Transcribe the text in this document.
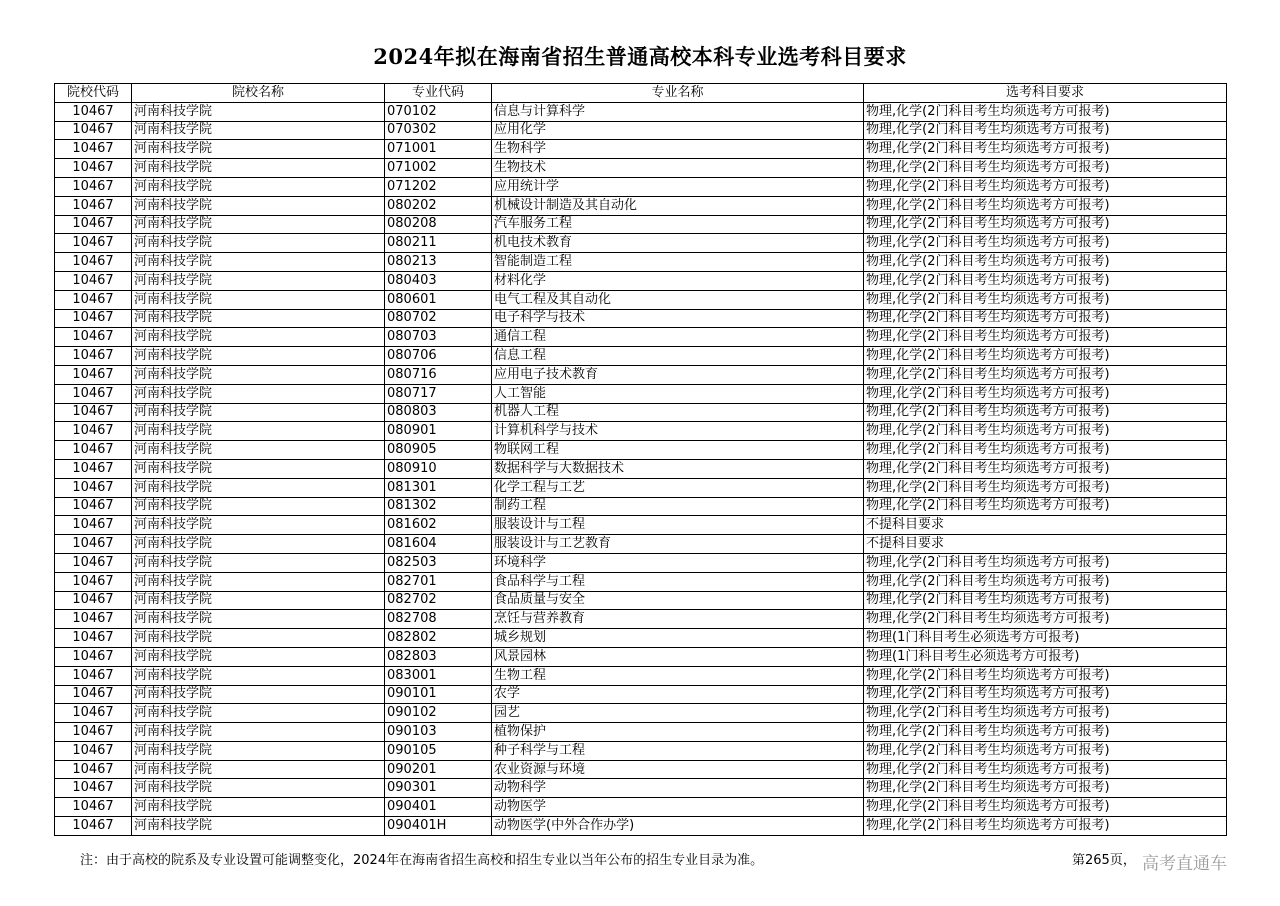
2024年拟在海南省招生普通高校本科专业选考科目要求
院校代码	院校名称	专业代码	专业名称	选考科目要求
10467	河南科技学院	070102	信息与计算科学	物理,化学(2门科目考生均须选考方可报考)
10467	河南科技学院	070302	应用化学	物理,化学(2门科目考生均须选考方可报考)
10467	河南科技学院	071001	生物科学	物理,化学(2门科目考生均须选考方可报考)
10467	河南科技学院	071002	生物技术	物理,化学(2门科目考生均须选考方可报考)
10467	河南科技学院	071202	应用统计学	物理,化学(2门科目考生均须选考方可报考)
10467	河南科技学院	080202	机械设计制造及其自动化	物理,化学(2门科目考生均须选考方可报考)
10467	河南科技学院	080208	汽车服务工程	物理,化学(2门科目考生均须选考方可报考)
10467	河南科技学院	080211	机电技术教育	物理,化学(2门科目考生均须选考方可报考)
10467	河南科技学院	080213	智能制造工程	物理,化学(2门科目考生均须选考方可报考)
10467	河南科技学院	080403	材料化学	物理,化学(2门科目考生均须选考方可报考)
10467	河南科技学院	080601	电气工程及其自动化	物理,化学(2门科目考生均须选考方可报考)
10467	河南科技学院	080702	电子科学与技术	物理,化学(2门科目考生均须选考方可报考)
10467	河南科技学院	080703	通信工程	物理,化学(2门科目考生均须选考方可报考)
10467	河南科技学院	080706	信息工程	物理,化学(2门科目考生均须选考方可报考)
10467	河南科技学院	080716	应用电子技术教育	物理,化学(2门科目考生均须选考方可报考)
10467	河南科技学院	080717	人工智能	物理,化学(2门科目考生均须选考方可报考)
10467	河南科技学院	080803	机器人工程	物理,化学(2门科目考生均须选考方可报考)
10467	河南科技学院	080901	计算机科学与技术	物理,化学(2门科目考生均须选考方可报考)
10467	河南科技学院	080905	物联网工程	物理,化学(2门科目考生均须选考方可报考)
10467	河南科技学院	080910	数据科学与大数据技术	物理,化学(2门科目考生均须选考方可报考)
10467	河南科技学院	081301	化学工程与工艺	物理,化学(2门科目考生均须选考方可报考)
10467	河南科技学院	081302	制药工程	物理,化学(2门科目考生均须选考方可报考)
10467	河南科技学院	081602	服装设计与工程	不提科目要求
10467	河南科技学院	081604	服装设计与工艺教育	不提科目要求
10467	河南科技学院	082503	环境科学	物理,化学(2门科目考生均须选考方可报考)
10467	河南科技学院	082701	食品科学与工程	物理,化学(2门科目考生均须选考方可报考)
10467	河南科技学院	082702	食品质量与安全	物理,化学(2门科目考生均须选考方可报考)
10467	河南科技学院	082708	烹饪与营养教育	物理,化学(2门科目考生均须选考方可报考)
10467	河南科技学院	082802	城乡规划	物理(1门科目考生必须选考方可报考)
10467	河南科技学院	082803	风景园林	物理(1门科目考生必须选考方可报考)
10467	河南科技学院	083001	生物工程	物理,化学(2门科目考生均须选考方可报考)
10467	河南科技学院	090101	农学	物理,化学(2门科目考生均须选考方可报考)
10467	河南科技学院	090102	园艺	物理,化学(2门科目考生均须选考方可报考)
10467	河南科技学院	090103	植物保护	物理,化学(2门科目考生均须选考方可报考)
10467	河南科技学院	090105	种子科学与工程	物理,化学(2门科目考生均须选考方可报考)
10467	河南科技学院	090201	农业资源与环境	物理,化学(2门科目考生均须选考方可报考)
10467	河南科技学院	090301	动物科学	物理,化学(2门科目考生均须选考方可报考)
10467	河南科技学院	090401	动物医学	物理,化学(2门科目考生均须选考方可报考)
10467	河南科技学院	090401H	动物医学(中外合作办学)	物理,化学(2门科目考生均须选考方可报考)
注：由于高校的院系及专业设置可能调整变化，2024年在海南省招生高校和招生专业以当年公布的招生专业目录为准。	第265页， 高考直通车
